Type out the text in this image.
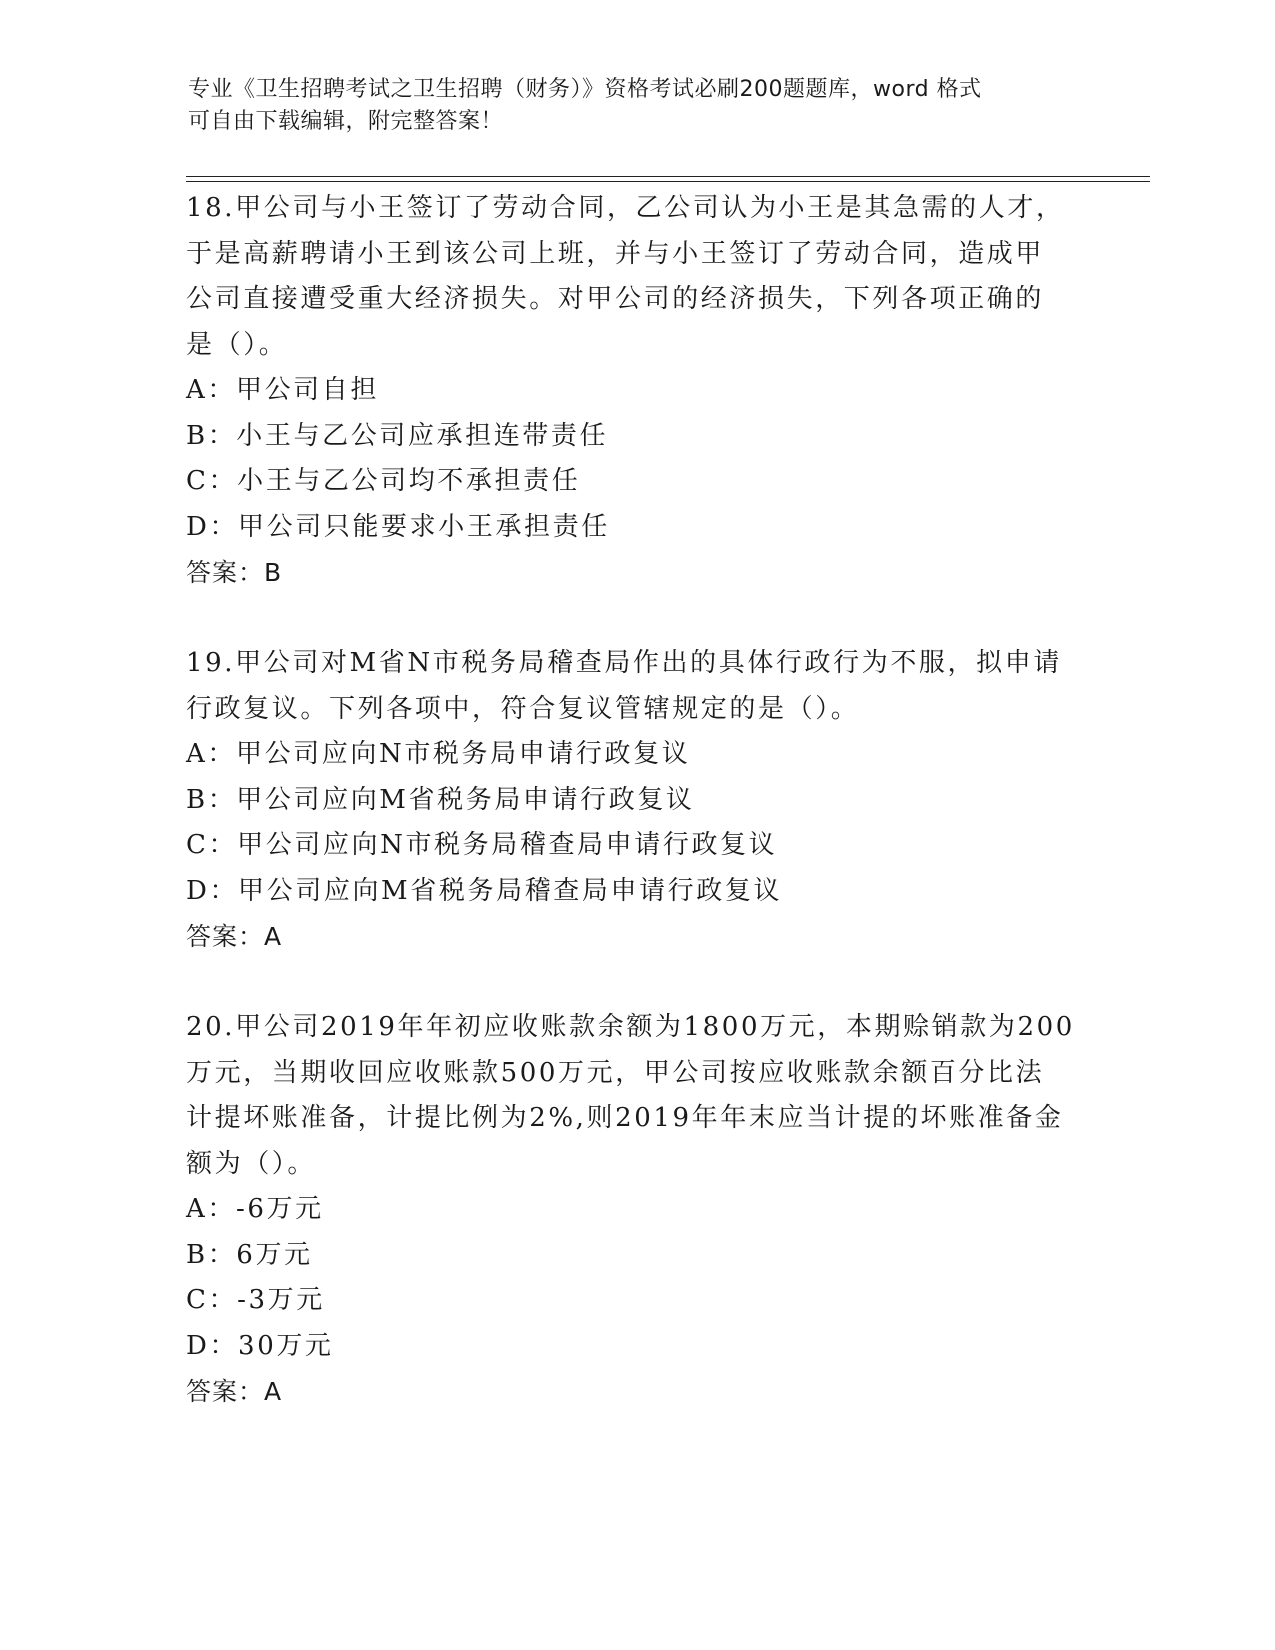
专业《卫生招聘考试之卫生招聘（财务）》资格考试必刷200题题库，word 格式
可自由下载编辑，附完整答案！
18.甲公司与小王签订了劳动合同，乙公司认为小王是其急需的人才，
于是高薪聘请小王到该公司上班，并与小王签订了劳动合同，造成甲
公司直接遭受重大经济损失。对甲公司的经济损失，下列各项正确的
是（）。
A：甲公司自担
B：小王与乙公司应承担连带责任
C：小王与乙公司均不承担责任
D：甲公司只能要求小王承担责任
答案：B
19.甲公司对M省N市税务局稽查局作出的具体行政行为不服，拟申请
行政复议。下列各项中，符合复议管辖规定的是（）。
A：甲公司应向N市税务局申请行政复议
B：甲公司应向M省税务局申请行政复议
C：甲公司应向N市税务局稽查局申请行政复议
D：甲公司应向M省税务局稽查局申请行政复议
答案：A
20.甲公司2019年年初应收账款余额为1800万元，本期赊销款为200
万元，当期收回应收账款500万元，甲公司按应收账款余额百分比法
计提坏账准备，计提比例为2%,则2019年年末应当计提的坏账准备金
额为（）。
A：-6万元
B：6万元
C：-3万元
D：30万元
答案：A
